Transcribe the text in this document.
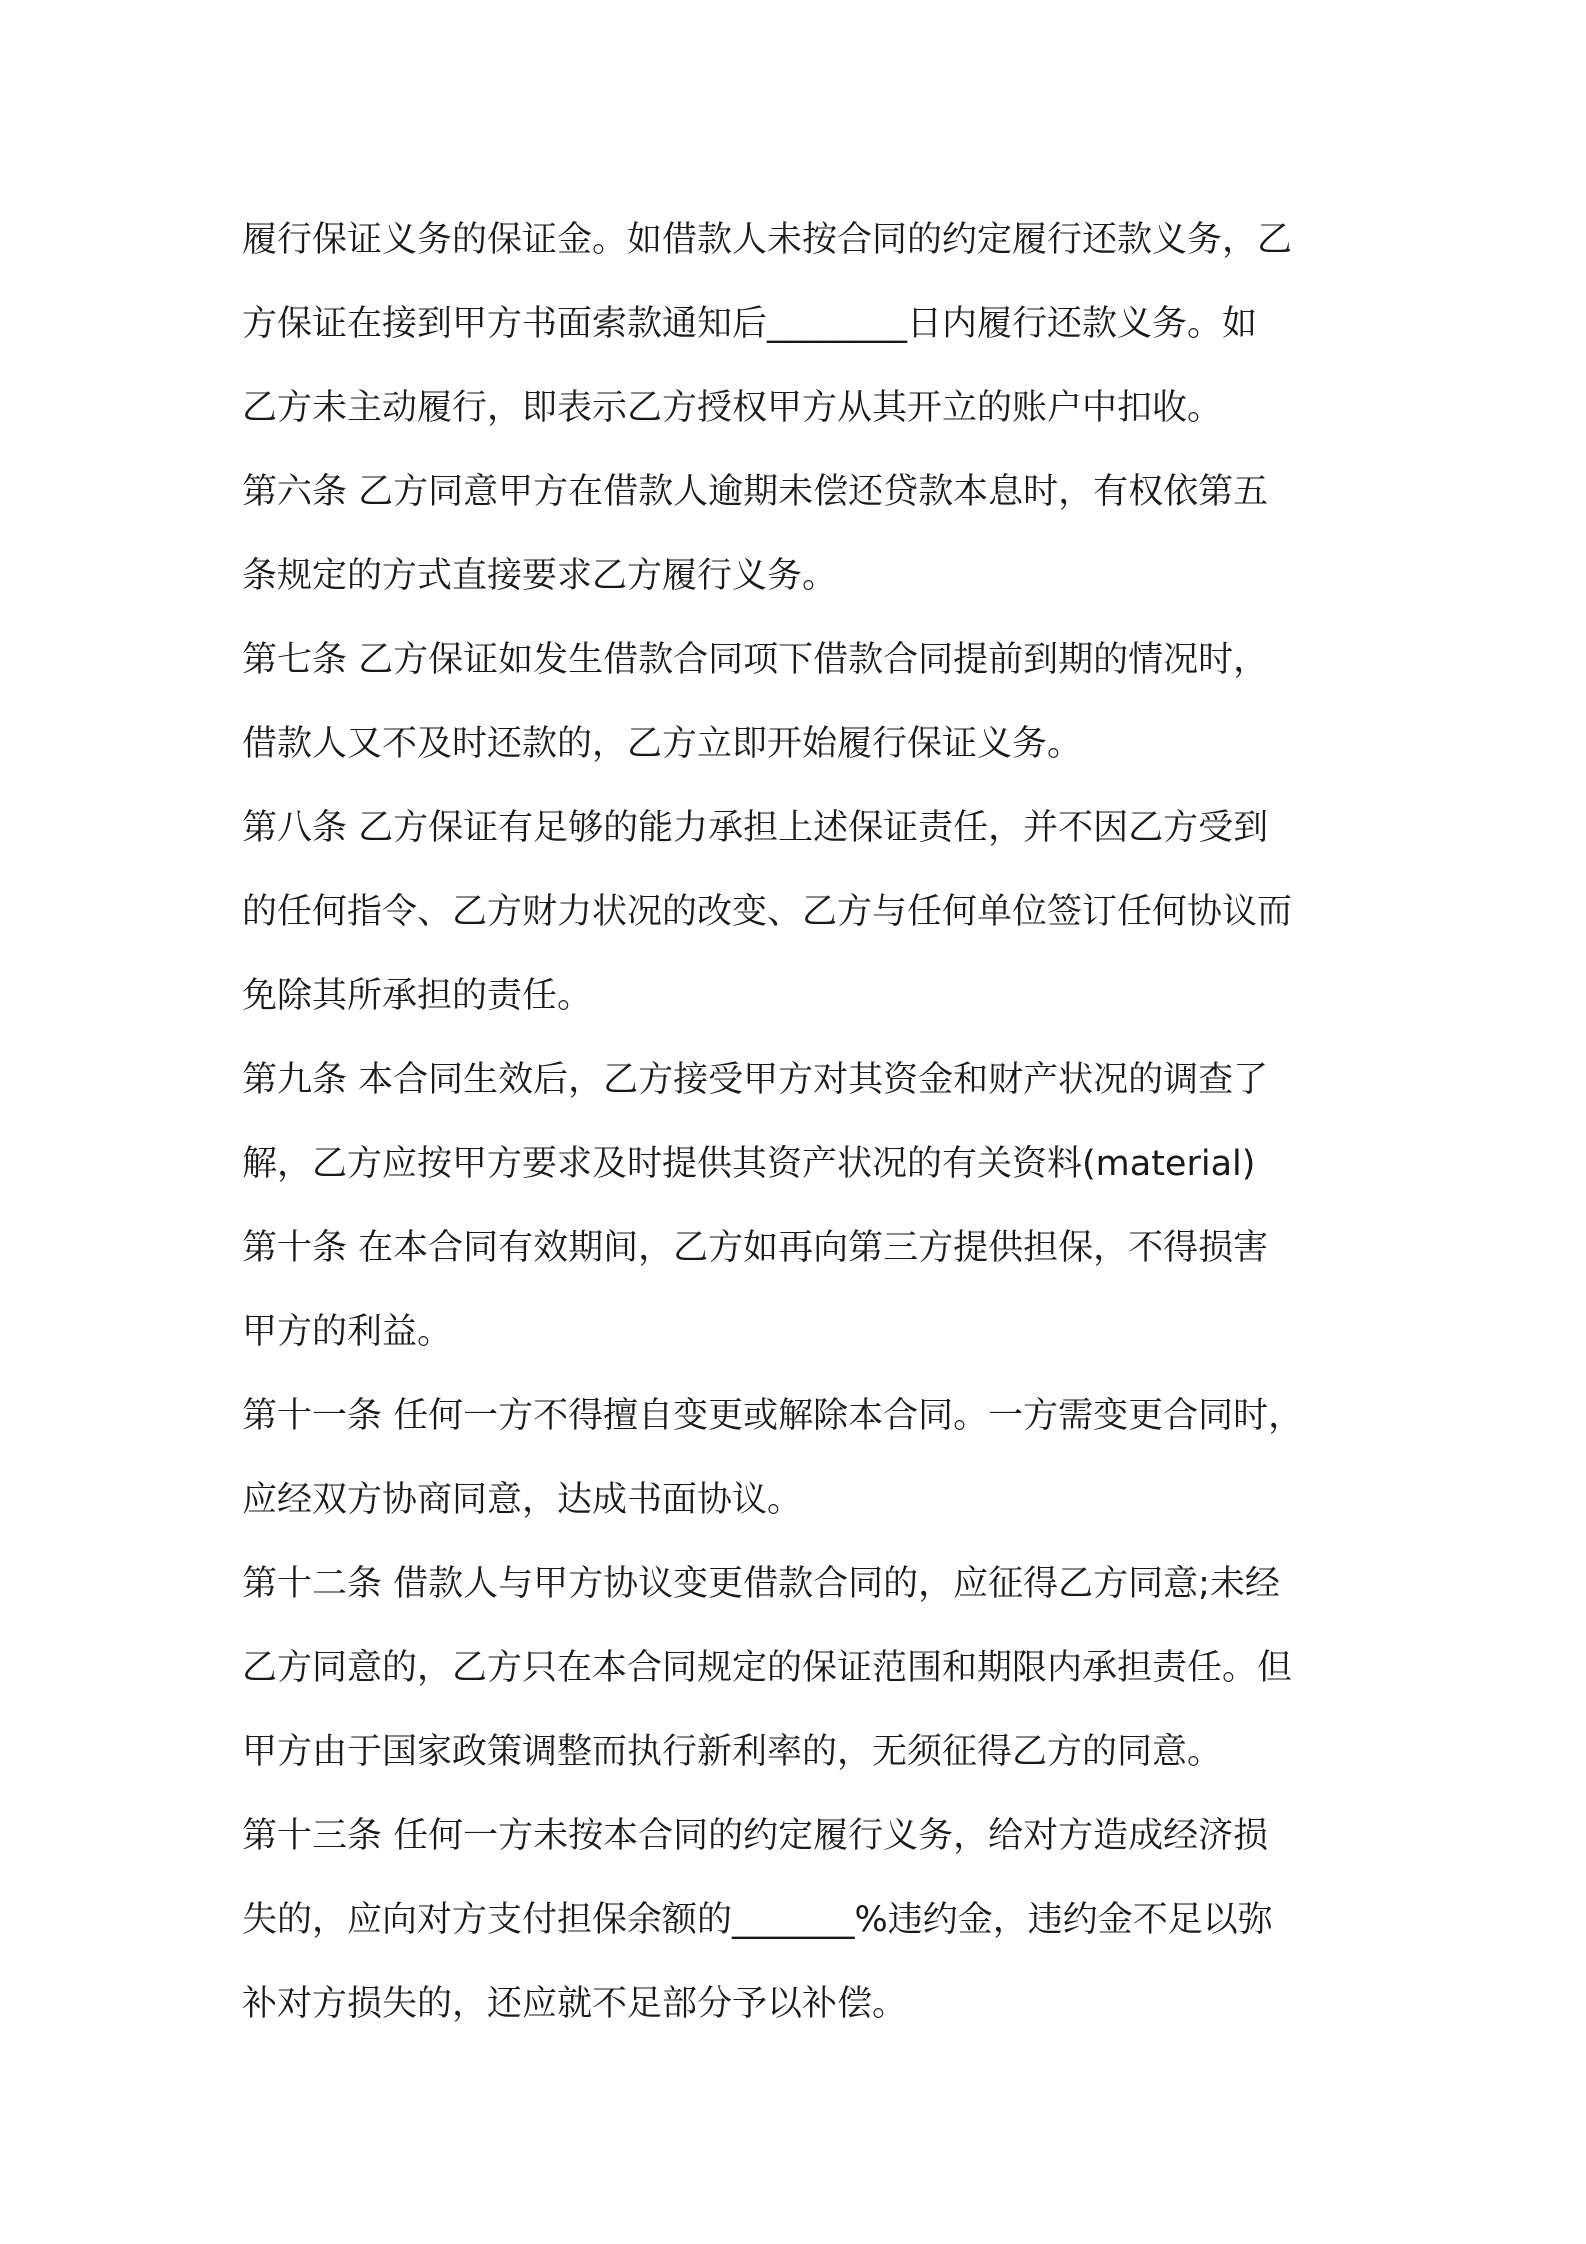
履行保证义务的保证金。如借款人未按合同的约定履行还款义务，乙
方保证在接到甲方书面索款通知后________日内履行还款义务。如
乙方未主动履行，即表示乙方授权甲方从其开立的账户中扣收。
第六条 乙方同意甲方在借款人逾期未偿还贷款本息时，有权依第五
条规定的方式直接要求乙方履行义务。
第七条 乙方保证如发生借款合同项下借款合同提前到期的情况时，
借款人又不及时还款的，乙方立即开始履行保证义务。
第八条 乙方保证有足够的能力承担上述保证责任，并不因乙方受到
的任何指令、乙方财力状况的改变、乙方与任何单位签订任何协议而
免除其所承担的责任。
第九条 本合同生效后，乙方接受甲方对其资金和财产状况的调查了
解，乙方应按甲方要求及时提供其资产状况的有关资料(material)
第十条 在本合同有效期间，乙方如再向第三方提供担保，不得损害
甲方的利益。
第十一条 任何一方不得擅自变更或解除本合同。一方需变更合同时，
应经双方协商同意，达成书面协议。
第十二条 借款人与甲方协议变更借款合同的，应征得乙方同意;未经
乙方同意的，乙方只在本合同规定的保证范围和期限内承担责任。但
甲方由于国家政策调整而执行新利率的，无须征得乙方的同意。
第十三条 任何一方未按本合同的约定履行义务，给对方造成经济损
失的，应向对方支付担保余额的_______%违约金，违约金不足以弥
补对方损失的，还应就不足部分予以补偿。
